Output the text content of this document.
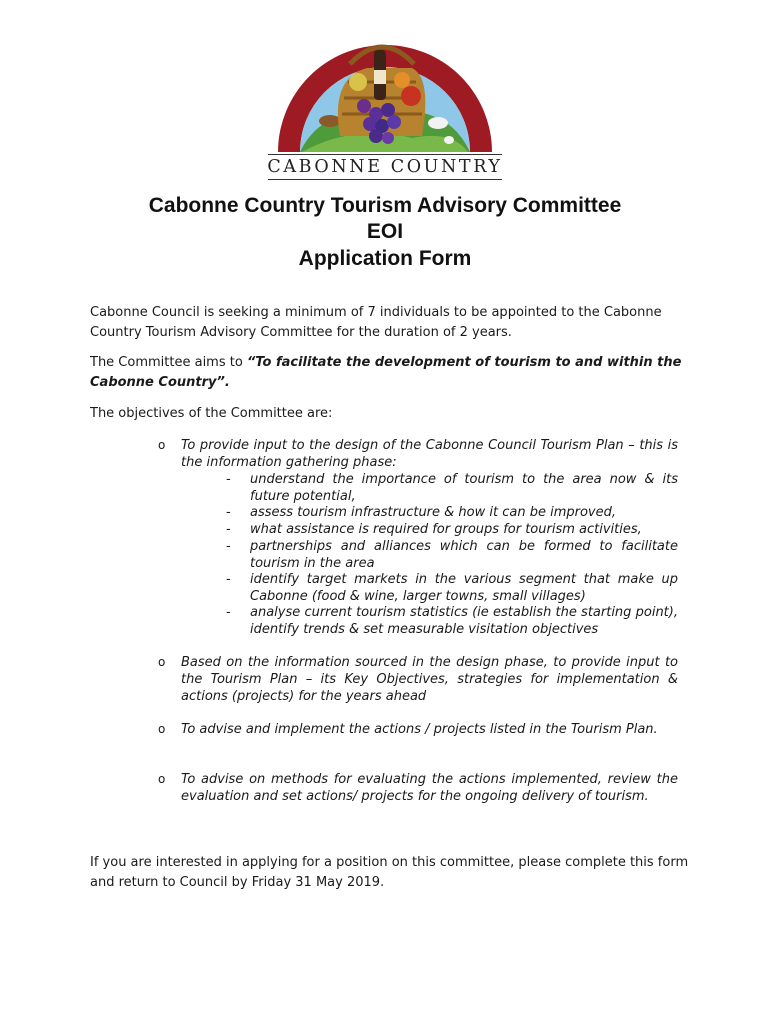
CABONNE COUNTRY
Cabonne Country Tourism Advisory Committee
EOI
Application Form

Cabonne Council is seeking a minimum of 7 individuals to be appointed to the Cabonne Country Tourism Advisory Committee for the duration of 2 years.

The Committee aims to “To facilitate the development of tourism to and within the Cabonne Country”.

The objectives of the Committee are:

o To provide input to the design of the Cabonne Council Tourism Plan – this is the information gathering phase:

- understand the importance of tourism to the area now & its future potential,

- assess tourism infrastructure & how it can be improved,

- what assistance is required for groups for tourism activities,

- partnerships and alliances which can be formed to facilitate tourism in the area

- identify target markets in the various segment that make up Cabonne (food & wine, larger towns, small villages)

- analyse current tourism statistics (ie establish the starting point), identify trends & set measurable visitation objectives

o Based on the information sourced in the design phase, to provide input to the Tourism Plan – its Key Objectives, strategies for implementation & actions (projects) for the years ahead

o To advise and implement the actions / projects listed in the Tourism Plan.

o To advise on methods for evaluating the actions implemented, review the evaluation and set actions/ projects for the ongoing delivery of tourism.

If you are interested in applying for a position on this committee, please complete this form and return to Council by Friday 31 May 2019.
